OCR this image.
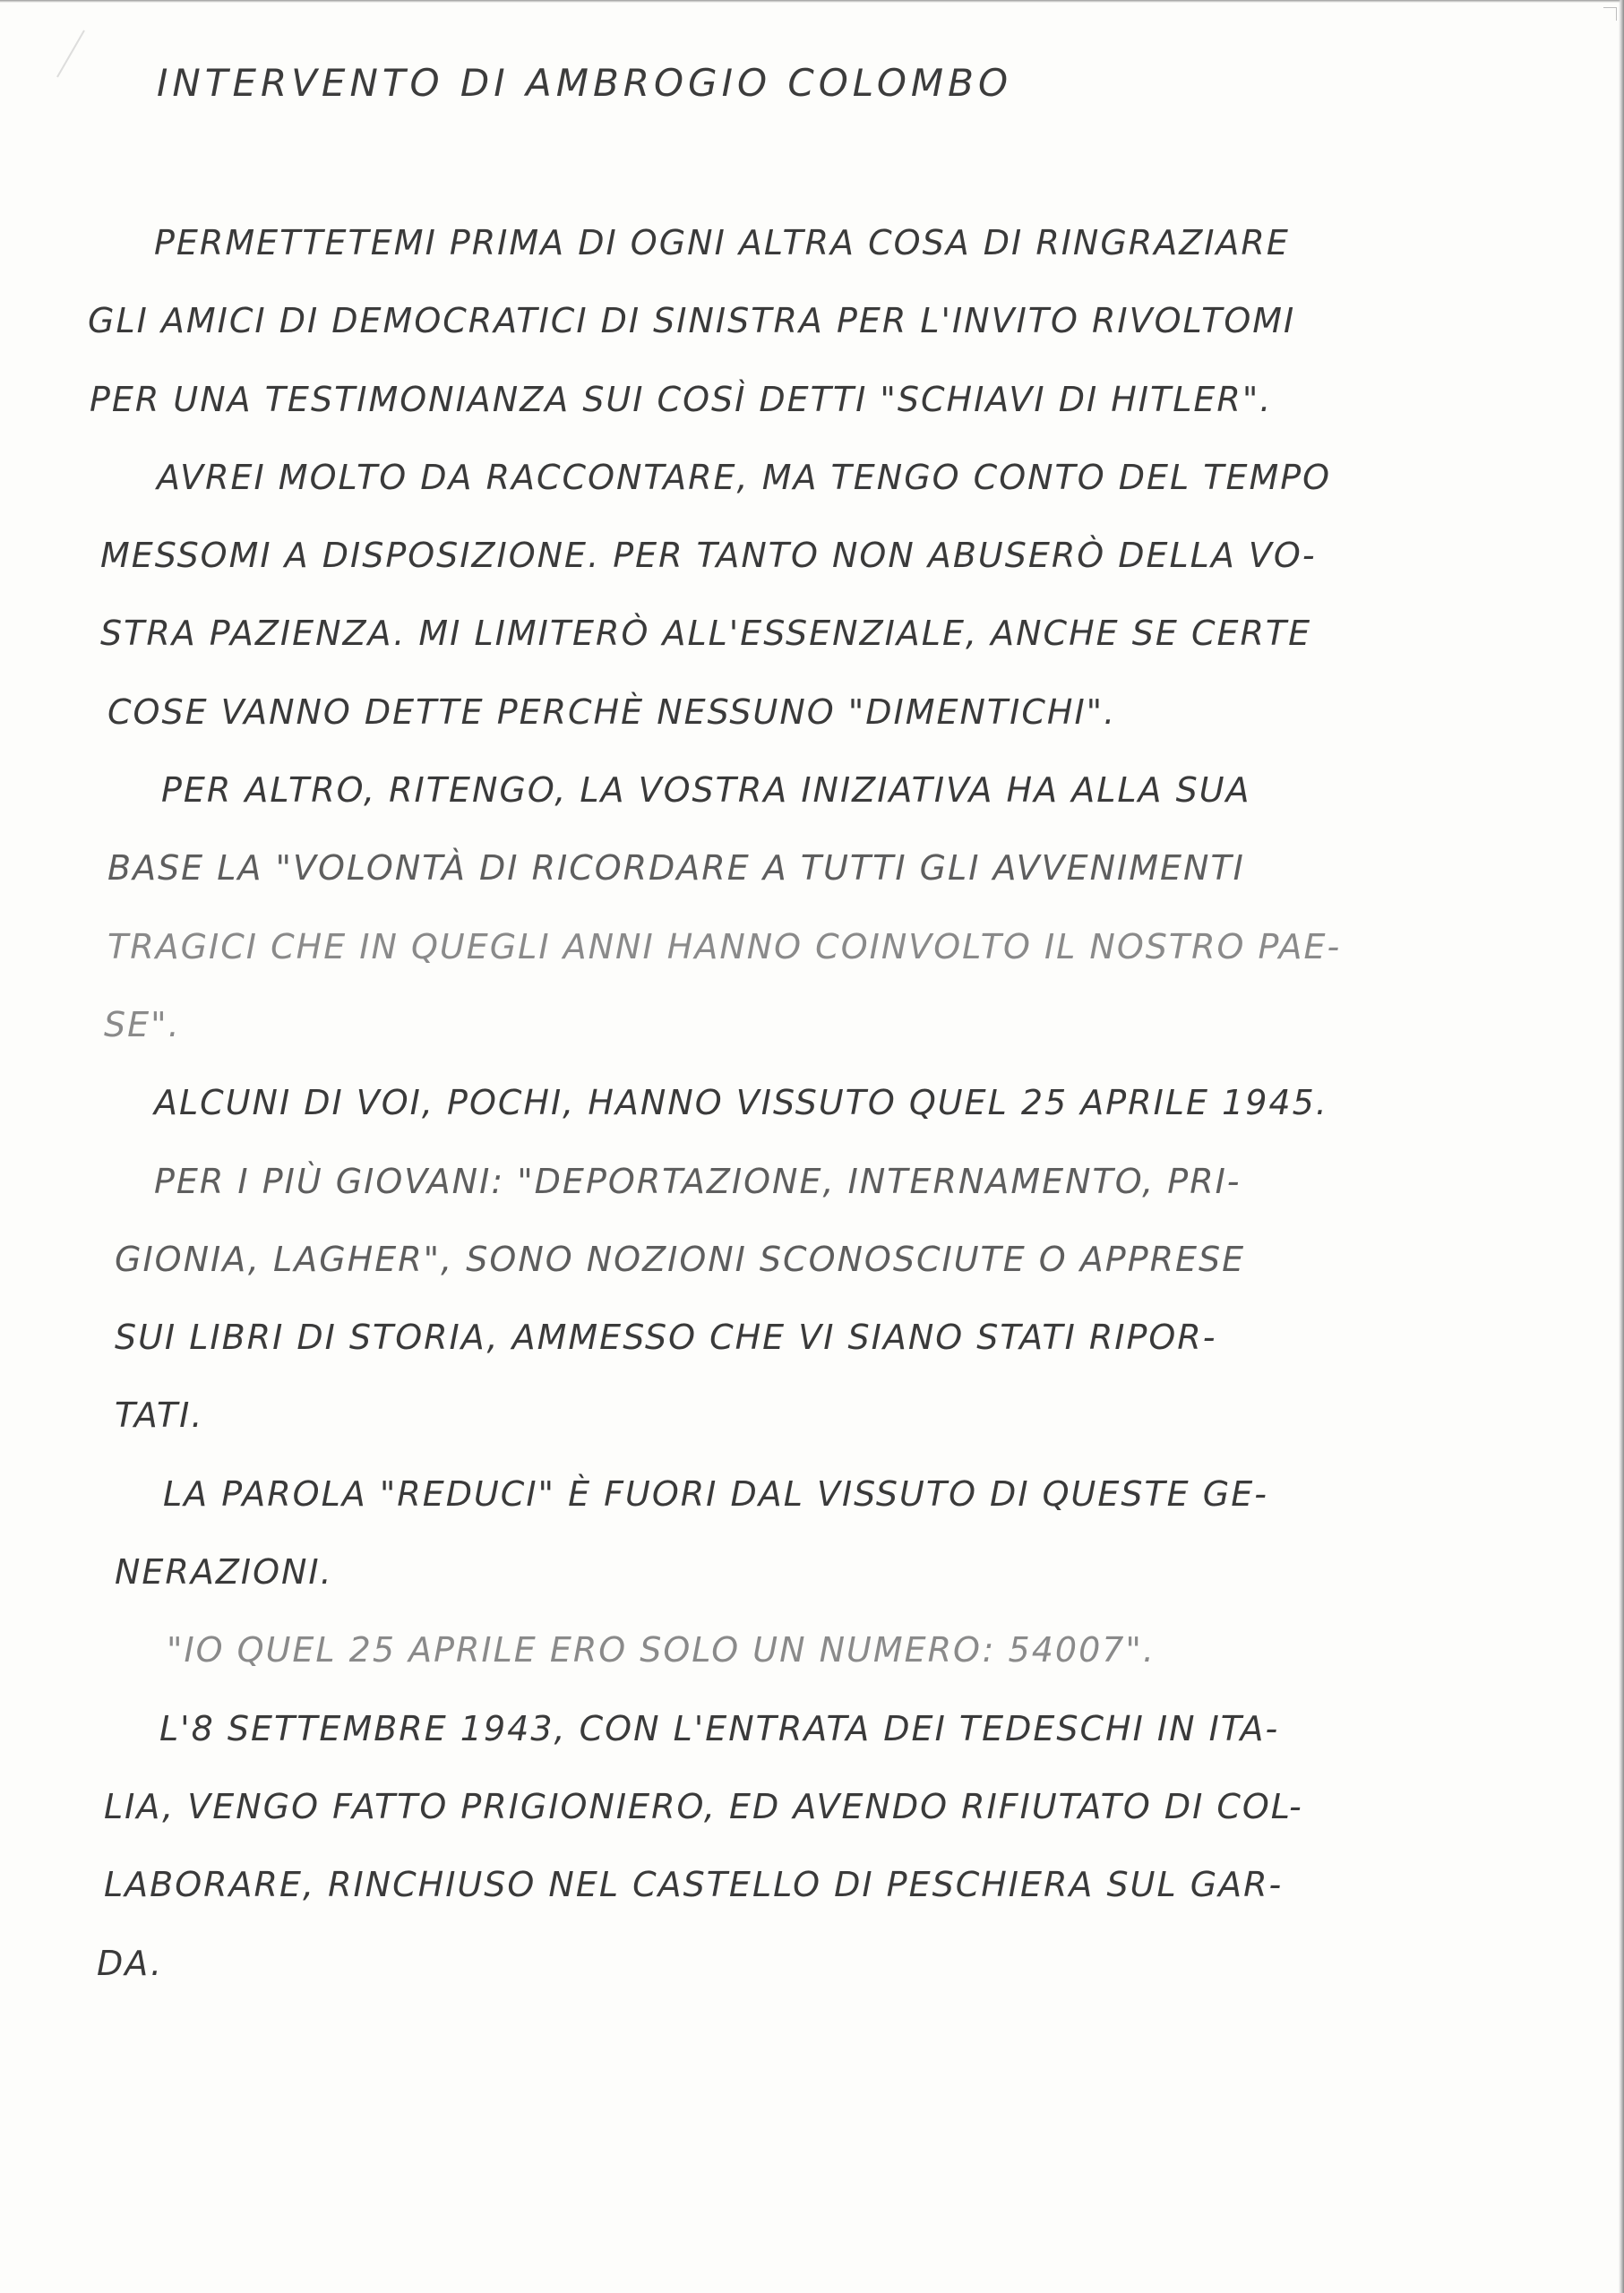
INTERVENTO DI AMBROGIO COLOMBO
PERMETTETEMI PRIMA DI OGNI ALTRA COSA DI RINGRAZIARE
GLI AMICI DI DEMOCRATICI DI SINISTRA PER L'INVITO RIVOLTOMI
PER UNA TESTIMONIANZA SUI COSÌ DETTI "SCHIAVI DI HITLER".
AVREI MOLTO DA RACCONTARE, MA TENGO CONTO DEL TEMPO
MESSOMI A DISPOSIZIONE. PER TANTO NON ABUSERÒ DELLA VO-
STRA PAZIENZA. MI LIMITERÒ ALL'ESSENZIALE, ANCHE SE CERTE
COSE VANNO DETTE PERCHÈ NESSUNO "DIMENTICHI".
PER ALTRO, RITENGO, LA VOSTRA INIZIATIVA HA ALLA SUA
BASE LA "VOLONTÀ DI RICORDARE A TUTTI GLI AVVENIMENTI
TRAGICI CHE IN QUEGLI ANNI HANNO COINVOLTO IL NOSTRO PAE-
SE".
ALCUNI DI VOI, POCHI, HANNO VISSUTO QUEL 25 APRILE 1945.
PER I PIÙ GIOVANI: "DEPORTAZIONE, INTERNAMENTO, PRI-
GIONIA, LAGHER", SONO NOZIONI SCONOSCIUTE O APPRESE
SUI LIBRI DI STORIA, AMMESSO CHE VI SIANO STATI RIPOR-
TATI.
LA PAROLA "REDUCI" È FUORI DAL VISSUTO DI QUESTE GE-
NERAZIONI.
"IO QUEL 25 APRILE ERO SOLO UN NUMERO: 54007".
L'8 SETTEMBRE 1943, CON L'ENTRATA DEI TEDESCHI IN ITA-
LIA, VENGO FATTO PRIGIONIERO, ED AVENDO RIFIUTATO DI COL-
LABORARE, RINCHIUSO NEL CASTELLO DI PESCHIERA SUL GAR-
DA.
